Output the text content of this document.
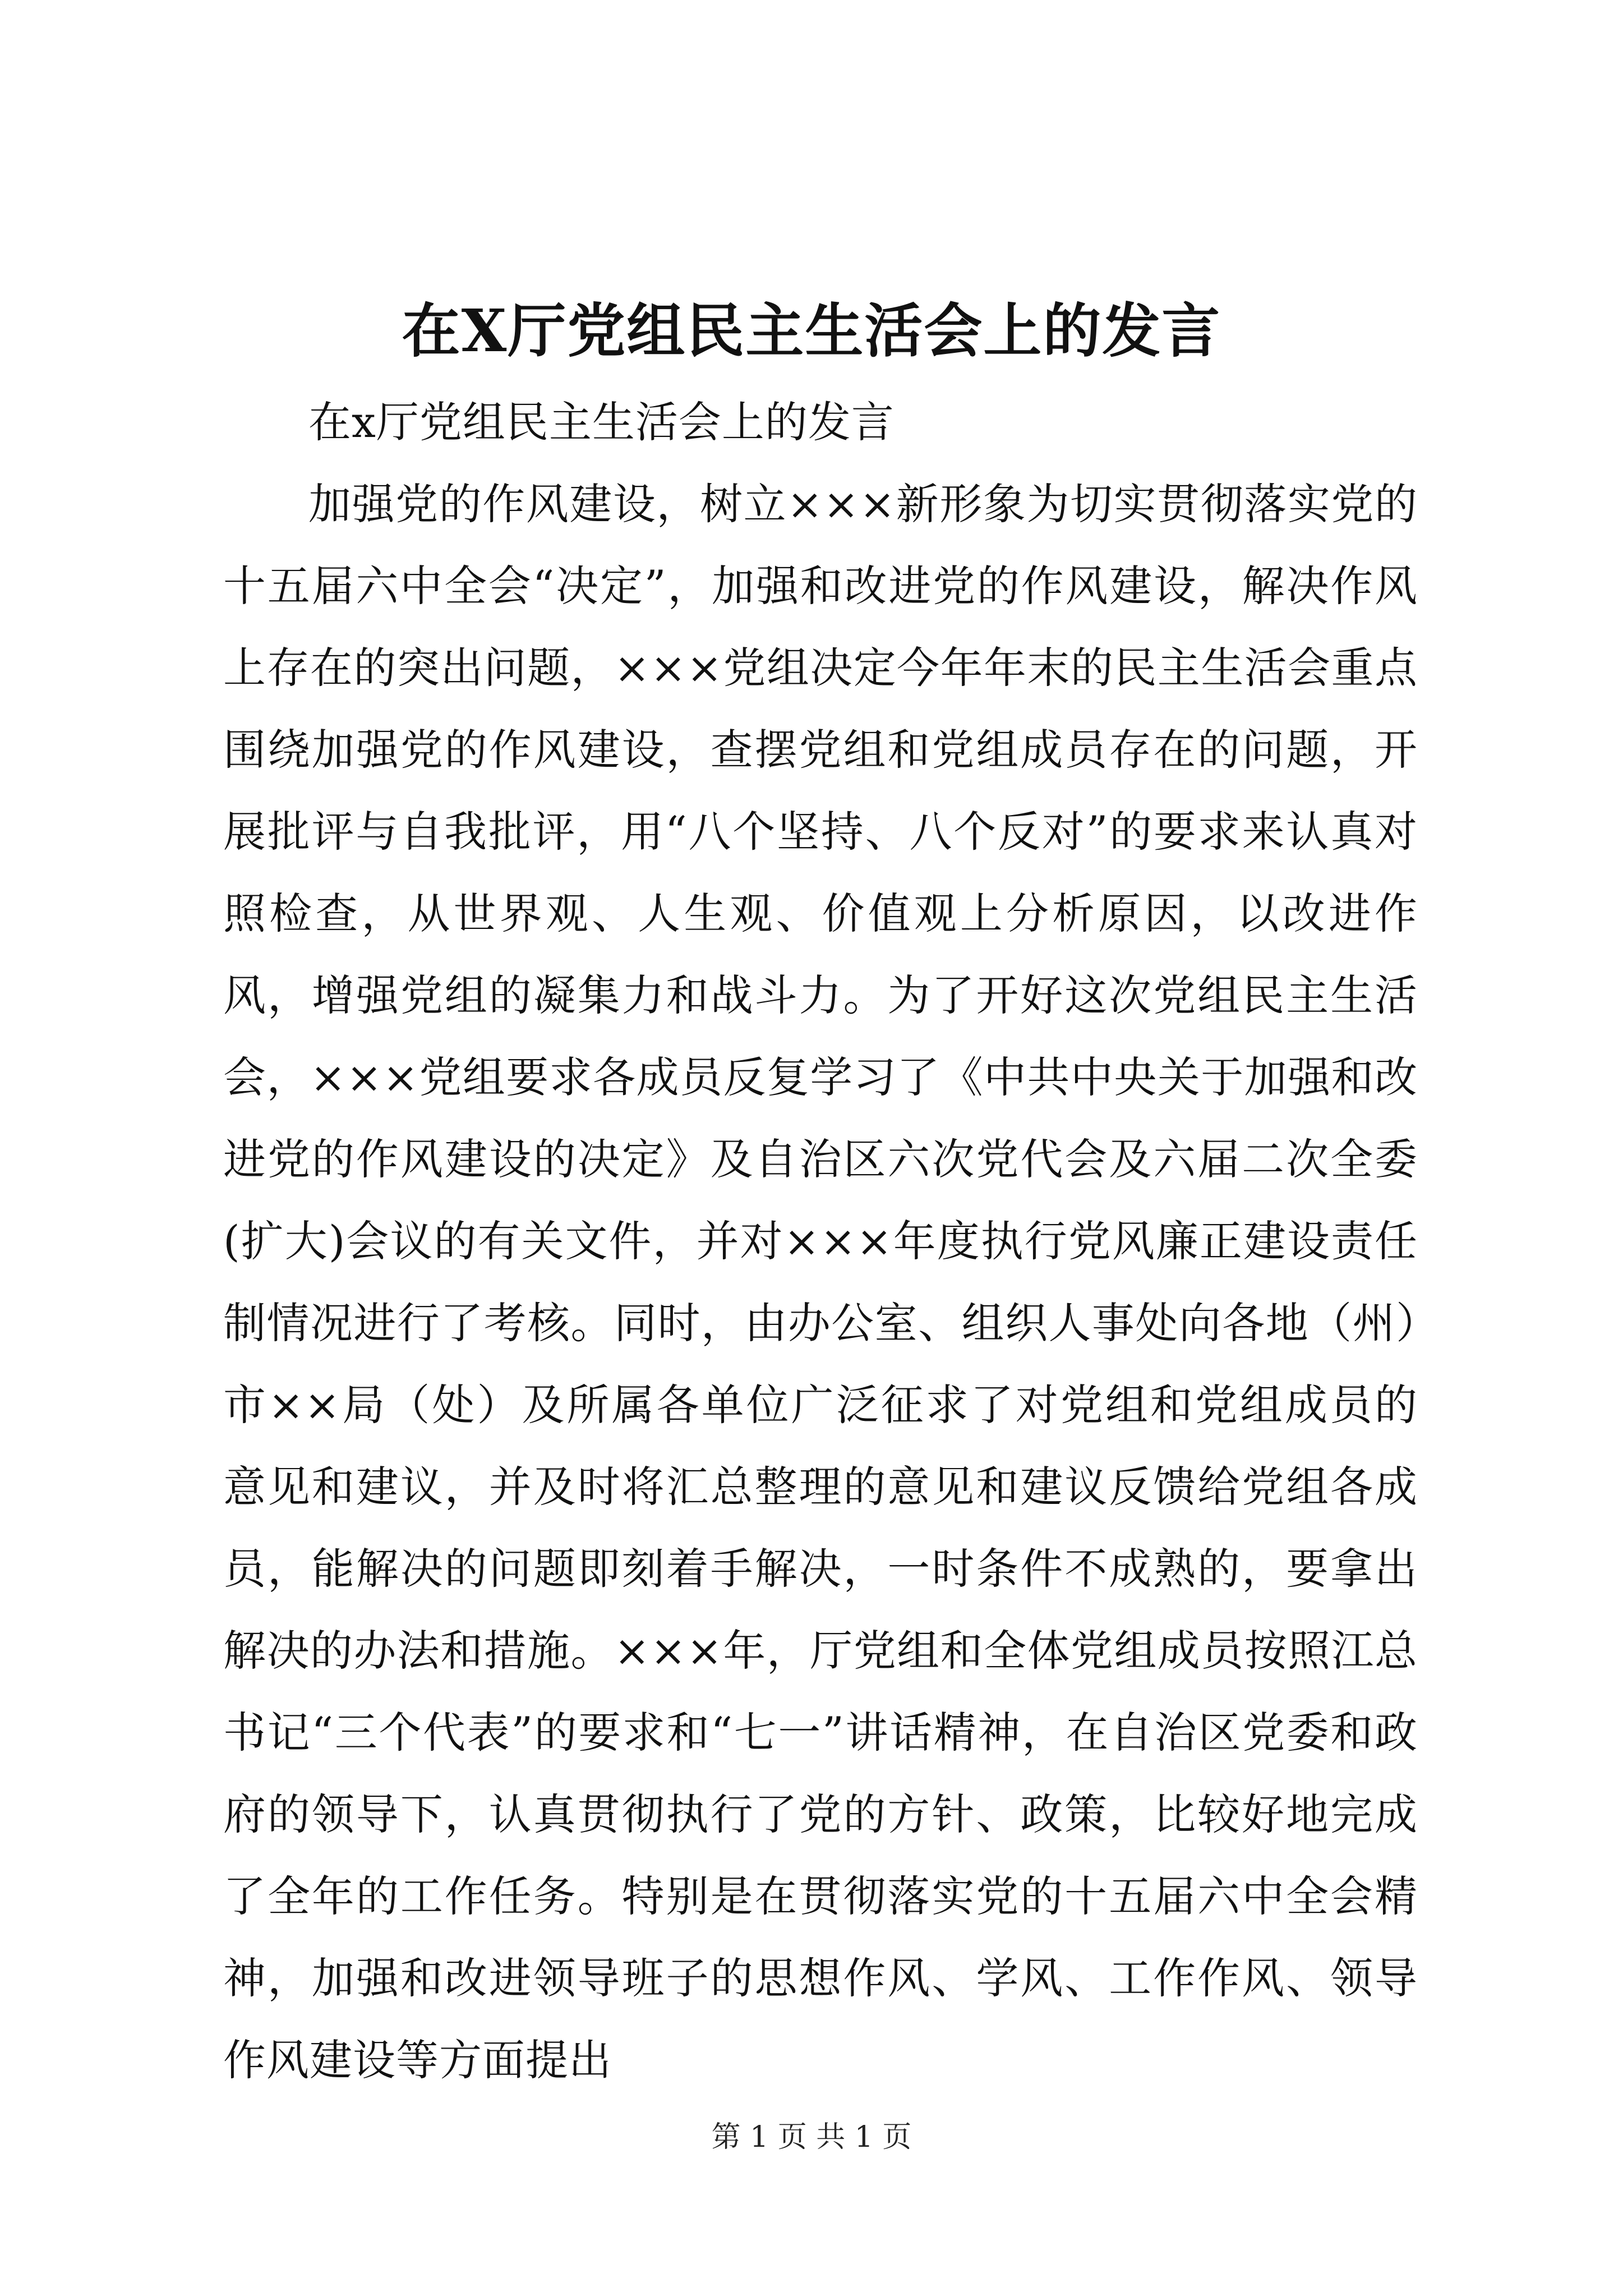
在X厅党组民主生活会上的发言

在x厅党组民主生活会上的发言

加强党的作风建设，树立×××新形象为切实贯彻落实党的十五届六中全会“决定”，加强和改进党的作风建设，解决作风上存在的突出问题，×××党组决定今年年末的民主生活会重点围绕加强党的作风建设，查摆党组和党组成员存在的问题，开展批评与自我批评，用“八个坚持、八个反对”的要求来认真对照检查，从世界观、人生观、价值观上分析原因，以改进作风，增强党组的凝集力和战斗力。为了开好这次党组民主生活会，×××党组要求各成员反复学习了《中共中央关于加强和改进党的作风建设的决定》及自治区六次党代会及六届二次全委(扩大)会议的有关文件，并对×××年度执行党风廉正建设责任制情况进行了考核。同时，由办公室、组织人事处向各地（州）市××局（处）及所属各单位广泛征求了对党组和党组成员的意见和建议，并及时将汇总整理的意见和建议反馈给党组各成员，能解决的问题即刻着手解决，一时条件不成熟的，要拿出解决的办法和措施。×××年，厅党组和全体党组成员按照江总书记“三个代表”的要求和“七一”讲话精神，在自治区党委和政府的领导下，认真贯彻执行了党的方针、政策，比较好地完成了全年的工作任务。特别是在贯彻落实党的十五届六中全会精神，加强和改进领导班子的思想作风、学风、工作作风、领导作风建设等方面提出

第 1 页 共 1 页
